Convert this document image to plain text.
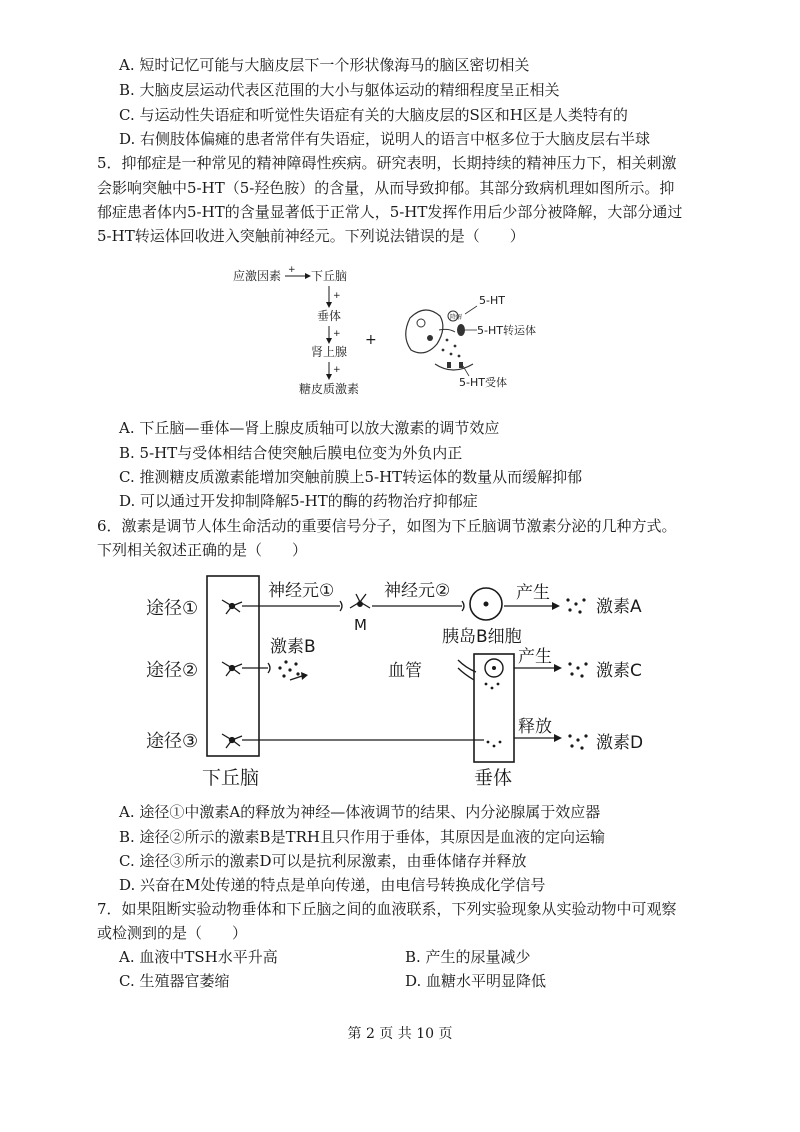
A. 短时记忆可能与大脑皮层下一个形状像海马的脑区密切相关
B. 大脑皮层运动代表区范围的大小与躯体运动的精细程度呈正相关
C. 与运动性失语症和听觉性失语症有关的大脑皮层的S区和H区是人类特有的
D. 右侧肢体偏瘫的患者常伴有失语症，说明人的语言中枢多位于大脑皮层右半球
5．抑郁症是一种常见的精神障碍性疾病。研究表明，长期持续的精神压力下，相关刺激
会影响突触中5-HT（5-羟色胺）的含量，从而导致抑郁。其部分致病机理如图所示。抑
郁症患者体内5-HT的含量显著低于正常人，5-HT发挥作用后少部分被降解，大部分通过
5-HT转运体回收进入突触前神经元。下列说法错误的是（　　）
应激因素 + 下丘脑
+
垂体
+
肾上腺
+
糖皮质激素
+
降解
5-HT
5-HT转运体
5-HT受体
A. 下丘脑—垂体—肾上腺皮质轴可以放大激素的调节效应
B. 5-HT与受体相结合使突触后膜电位变为外负内正
C. 推测糖皮质激素能增加突触前膜上5-HT转运体的数量从而缓解抑郁
D. 可以通过开发抑制降解5-HT的酶的药物治疗抑郁症
6．激素是调节人体生命活动的重要信号分子，如图为下丘脑调节激素分泌的几种方式。
下列相关叙述正确的是（　　）
下丘脑
途径①
途径②
途径③
神经元①
M
神经元②
胰岛B细胞
产生
激素A
激素B
血管
垂体
产生
激素C
释放
激素D
A. 途径①中激素A的释放为神经—体液调节的结果、内分泌腺属于效应器
B. 途径②所示的激素B是TRH且只作用于垂体，其原因是血液的定向运输
C. 途径③所示的激素D可以是抗利尿激素，由垂体储存并释放
D. 兴奋在M处传递的特点是单向传递，由电信号转换成化学信号
7．如果阻断实验动物垂体和下丘脑之间的血液联系，下列实验现象从实验动物中可观察
或检测到的是（　　）
A. 血液中TSH水平升高	B. 产生的尿量减少
C. 生殖器官萎缩	D. 血糖水平明显降低
第 2 页 共 10 页
